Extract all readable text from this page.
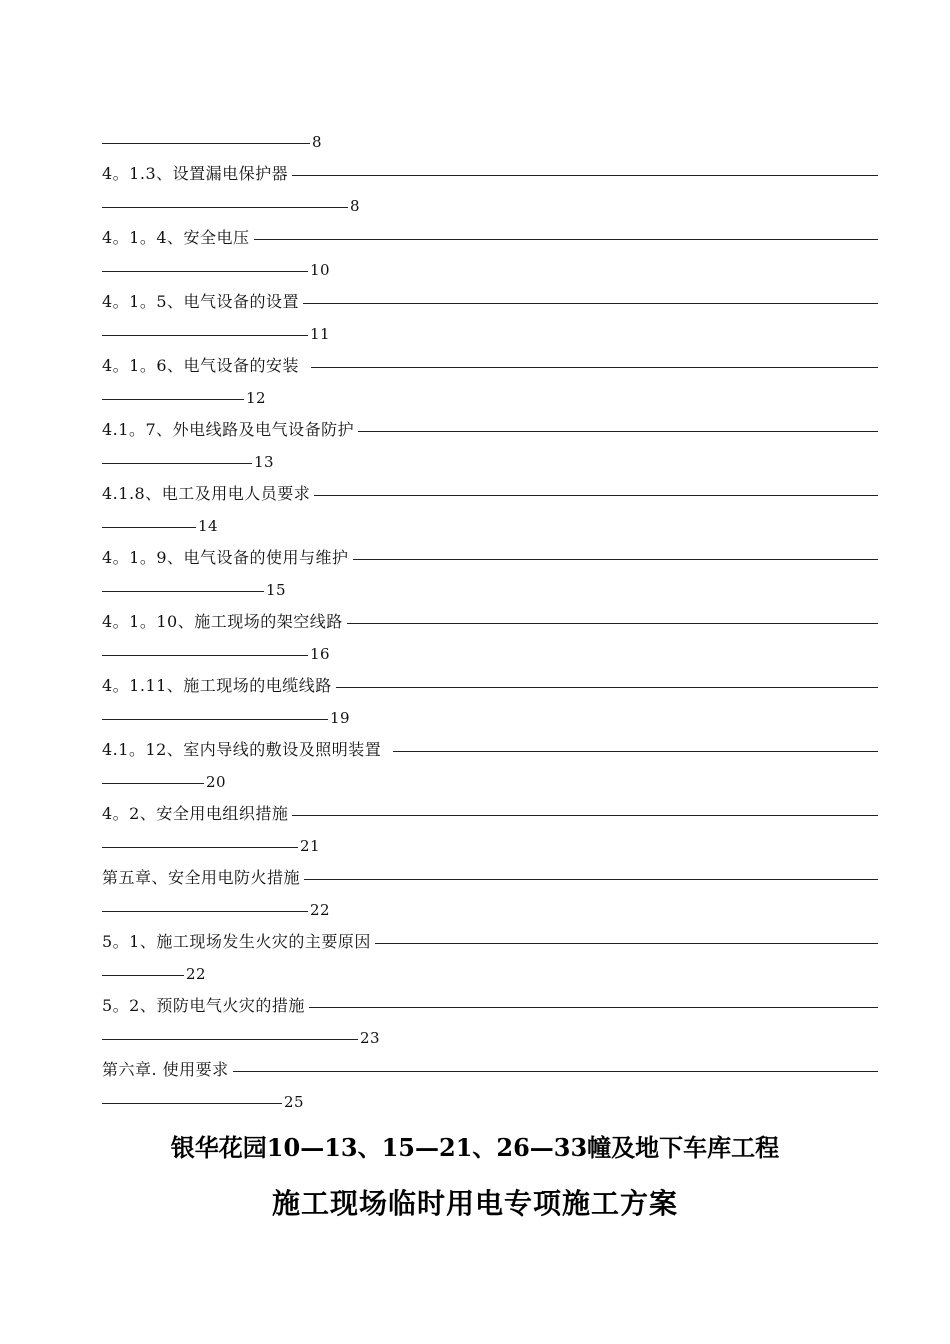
8
4。1.3、设置漏电保护器
8
4。1。4、安全电压
10
4。1。5、电气设备的设置
11
4。1。6、电气设备的安装
12
4.1。7、外电线路及电气设备防护
13
4.1.8、电工及用电人员要求
14
4。1。9、电气设备的使用与维护
15
4。1。10、施工现场的架空线路
16
4。1.11、施工现场的电缆线路
19
4.1。12、室内导线的敷设及照明装置
20
4。2、安全用电组织措施
21
第五章、安全用电防火措施
22
5。1、施工现场发生火灾的主要原因
22
5。2、预防电气火灾的措施
23
第六章. 使用要求
25
银华花园10—13、15—21、26—33幢及地下车库工程
施工现场临时用电专项施工方案
